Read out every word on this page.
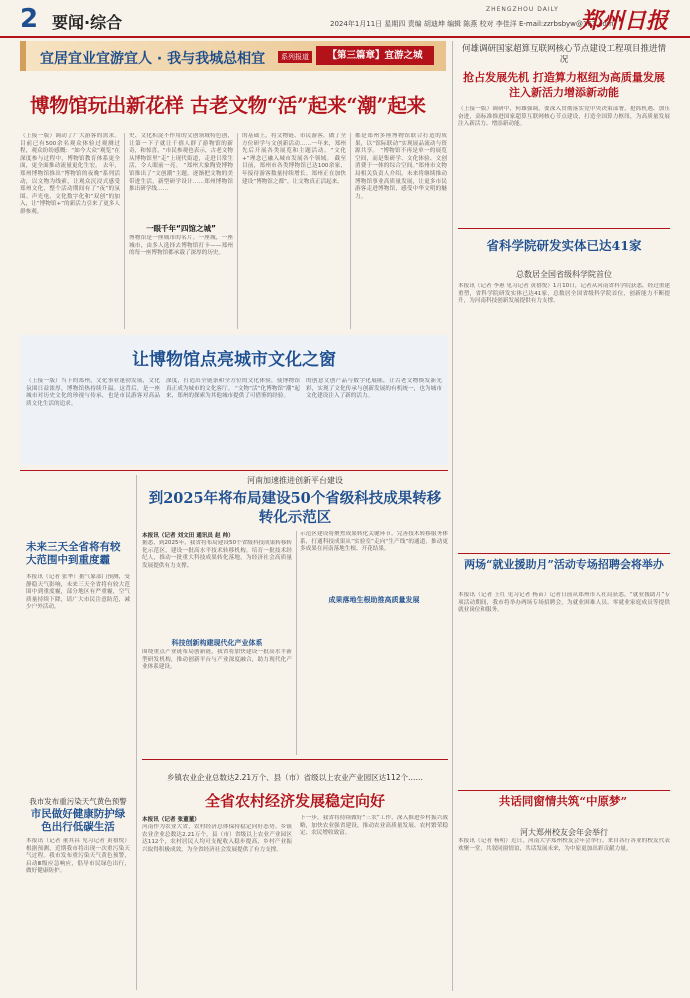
2 要闻·综合	2024年1月11日 星期四 责编 胡迪坤 编辑 陈燕 校对 李佳洋 E-mail:zzrbsbyw@163.com
ZHENGZHOU DAILY 郑州日报
宜居宜业宜游宜人 · 我与我城总相宜	系列报道	【第三篇章】宜游之城
博物馆玩出新花样 古老文物“活”起来“潮”起来
（上接一版）调动了广大游客的需求。目前已有500余名观众体验过观测过程，观众纷纷感慨：“如今大众“观览”在深度参与过程中，博物馆教育体系更全面，更全面推动流量更化生宏。 去年，郑州博物馆推出“博物馆的夜晚”系列活动，以文物为线索，让观众沉浸式感受郑州文化，整个活动期间有了“夜”的氛围、声光电、文化数字化和“双创”的加入，让“博物馆+”的新活力引来了更多人群参观。
史、文化积淀不作用的文创领域特色创，让第一下子就让千禧人群了游物馆的新奇，和惊喜，“市民参观也表示，古老文物从博物馆里“走”上现代街道，走进日常生活，令人眼前一亮。 “郑州大象陶瓷博物馆推出了“文创潮”主题，逐渐把文物的美带进生活，新型研学设计……郑州博物馆推出研学线……
一眼千年“四馆之城”
博物馆是一座城市的名片。一座城，一座城市，由多人选择去博物馆打卡——郑州的每一座博物馆都承载了深厚的历史。
的基础上，将文物链、市民游客，做了全方位研学与文创新活动……一年来，郑州先后开展各类展览和主题活动。“文化+”理念已融入城市发展各个领域。 截至目前，郑州市各类博物馆已达100余家，年接待游客数量持续增长。郑州正在加快建设“博物馆之都”，让文物真正活起来。
都是郑州多座博物馆联合打造的成果，以“馆际联动”实现展品流动与资源共享。 “博物馆不再是单一的展览空间，而是集研学、文化体验、文创消费于一体的综合空间。”郑州市文物局相关负责人介绍，未来将继续推动博物馆事业高质量发展，让更多市民游客走进博物馆，感受中华文明的魅力。
让博物馆点亮城市文化之窗
（上接一版）当下的郑州，文化事业蓬勃发展，文化氛围日益浓厚，博物馆热持续升温。这背后，是一座城市对历史文化的珍视与传承，也是市民游客对高品质文化生活的追求。
深度，打造出全链条和全方位的文化体验，使博物馆真正成为城市的文化客厅。 “文物“活”化博物馆“潮”起来，郑州的探索为其他城市提供了可借鉴的经验。
的创意文创产品与数字化展陈，让古老文物焕发新光彩，实现了文化传承与创新发展的有机统一，也为城市文化建设注入了新的活力。
未来三天全省将有较大范围中到重度霾
本报讯（记者 张华）据气象部门预测，受静稳天气影响，未来三天全省将有较大范围中到重度霾，部分地区有严重霾，空气质量持续下降，请广大市民注意防范，减少户外活动。
我市发布重污染天气黄色预警
市民做好健康防护绿色出行低碳生活
本报讯（记者 董其昌 见习记者 黄禧悦）根据预测，近期我市将出现一次重污染天气过程。我市发布重污染天气黄色预警，启动Ⅲ级应急响应，倡导市民绿色出行，做好健康防护。
河南加速推进创新平台建设
到2025年将布局建设50个省级科技成果转移转化示范区
本报讯（记者 刘文田 通讯员 赵 帅）
据悉，到2025年，我省将布局建设50个省级科技成果转移转化示范区，建设一批高水平技术转移机构，培育一批技术经纪人，推动一批重大科技成果转化落地，为经济社会高质量发展提供有力支撑。
科技创新构建现代化产业体系
围绕重点产业链布局创新链，我省将加快建设一批高水平新型研发机构，推动创新平台与产业深度融合，助力现代化产业体系建设。
成果落地生根助推高质量发展
示范区建设将聚焦成果转化关键环节，完善技术转移服务体系，打通科技成果从“实验室”走向“生产线”的通道，推动更多成果在河南落地生根、开花结果。
乡镇农业企业总数达2.21万个、县（市）省级以上农业产业园区达112个……
全省农村经济发展稳定向好
本报讯（记者 张董董）
河南作为农业大省，农村经济总体保持稳定向好态势。乡镇农业企业总数达2.21万个，县（市）省级以上农业产业园区达112个，农村居民人均可支配收入稳步提高，乡村产业振兴取得积极成效，为全省经济社会发展提供了有力支撑。
下一步，我省将持续做好“三农”工作，深入推进乡村振兴战略，加快农业强省建设，推动农业高质量发展、农村繁荣稳定、农民增收致富。
何雄调研国家超算互联网核心节点建设工程项目推进情况
抢占发展先机 打造算力枢纽为高质量发展注入新活力增添新动能
（上接一版）调研中，何雄强调，要深入贯彻落实党中央决策部署，抢抓机遇、加压奋进，高标准推进国家超算互联网核心节点建设，打造全国算力枢纽，为高质量发展注入新活力、增添新动能。
省科学院研发实体已达41家
总数居全国省级科学院首位
本报讯（记者 李蕙 见习记者 黄禧悦）1月10日，记者从河南省科学院获悉，经过重建重塑，省科学院研发实体已达41家，总数居全国省级科学院首位，创新能力不断提升，为河南科技创新发展提供有力支撑。
两场“就业援助月”活动专场招聘会将举办
本报讯（记者 王红 见习记者 杨苗）记者日前从郑州市人社局获悉，“就业援助月”专项活动期间，我市将举办两场专场招聘会，为就业困难人员、零就业家庭成员等提供就业岗位和服务。
共话同窗情共筑“中原梦”
河大郑州校友会年会举行
本报讯（记者 杨明）近日，河南大学郑州校友会年会举行。来自各行各业的校友代表欢聚一堂，共叙同窗情谊，共话发展未来，为中原更加出彩贡献力量。
